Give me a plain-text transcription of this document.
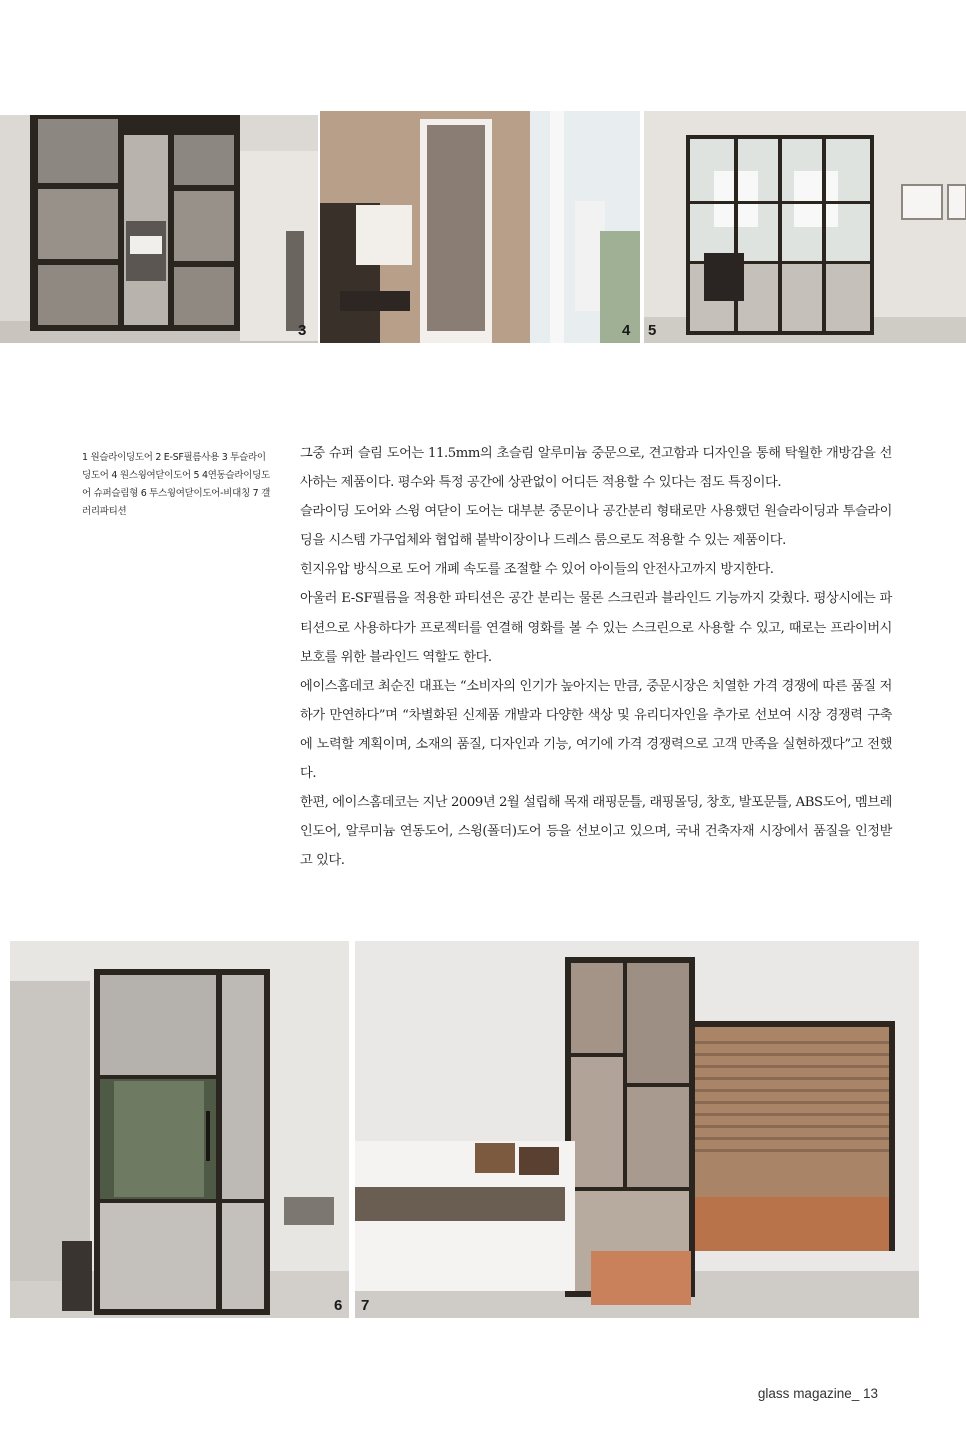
3	4 5
1 원슬라이딩도어 2 E-SF필름사용 3 투슬라이딩도어 4 원스윙여닫이도어 5 4연동슬라이딩도어 슈퍼슬림형 6 투스윙여닫이도어-비대칭 7 갤러리파티션

그중 슈퍼 슬림 도어는 11.5mm의 초슬림 알루미늄 중문으로, 견고함과 디자인을 통해 탁월한 개방감을 선사하는 제품이다. 평수와 특정 공간에 상관없이 어디든 적용할 수 있다는 점도 특징이다.

슬라이딩 도어와 스윙 여닫이 도어는 대부분 중문이나 공간분리 형태로만 사용했던 원슬라이딩과 투슬라이딩을 시스템 가구업체와 협업해 붙박이장이나 드레스 룸으로도 적용할 수 있는 제품이다.

힌지유압 방식으로 도어 개폐 속도를 조절할 수 있어 아이들의 안전사고까지 방지한다.

아울러 E-SF필름을 적용한 파티션은 공간 분리는 물론 스크린과 블라인드 기능까지 갖췄다. 평상시에는 파티션으로 사용하다가 프로젝터를 연결해 영화를 볼 수 있는 스크린으로 사용할 수 있고, 때로는 프라이버시 보호를 위한 블라인드 역할도 한다.

에이스홈데코 최순진 대표는 “소비자의 인기가 높아지는 만큼, 중문시장은 치열한 가격 경쟁에 따른 품질 저하가 만연하다”며 “차별화된 신제품 개발과 다양한 색상 및 유리디자인을 추가로 선보여 시장 경쟁력 구축에 노력할 계획이며, 소재의 품질, 디자인과 기능, 여기에 가격 경쟁력으로 고객 만족을 실현하겠다”고 전했다.

한편, 에이스홈데코는 지난 2009년 2월 설립해 목재 래핑문틀, 래핑몰딩, 창호, 발포문틀, ABS도어, 멤브레인도어, 알루미늄 연동도어, 스윙(폴더)도어 등을 선보이고 있으며, 국내 건축자재 시장에서 품질을 인정받고 있다.

6 7
glass magazine_ 13
